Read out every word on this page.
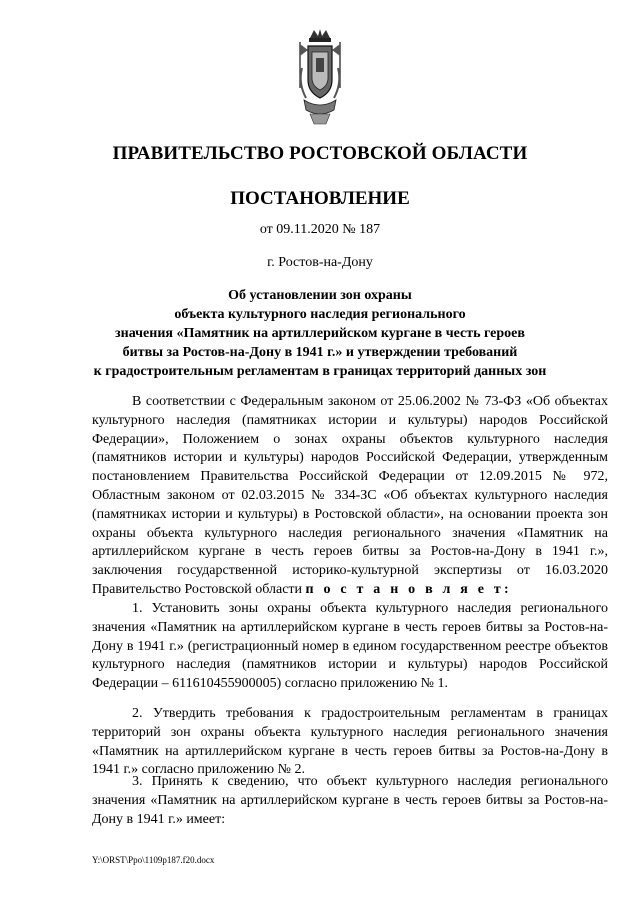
ПРАВИТЕЛЬСТВО РОСТОВСКОЙ ОБЛАСТИ
ПОСТАНОВЛЕНИЕ
от 09.11.2020 № 187
г. Ростов-на-Дону
Об установлении зон охраны
объекта культурного наследия регионального
значения «Памятник на артиллерийском кургане в честь героев
битвы за Ростов-на-Дону в 1941 г.» и утверждении требований
к градостроительным регламентам в границах территорий данных зон
В соответствии с Федеральным законом от 25.06.2002 № 73-ФЗ «Об объектах культурного наследия (памятниках истории и культуры) народов Российской Федерации», Положением о зонах охраны объектов культурного наследия (памятников истории и культуры) народов Российской Федерации, утвержденным постановлением Правительства Российской Федерации от 12.09.2015 № 972, Областным законом от 02.03.2015 № 334-ЗС «Об объектах культурного наследия (памятниках истории и культуры) в Ростовской области», на основании проекта зон охраны объекта культурного наследия регионального значения «Памятник на артиллерийском кургане в честь героев битвы за Ростов-на-Дону в 1941 г.», заключения государственной историко-культурной экспертизы от 16.03.2020 Правительство Ростовской области п о с т а н о в л я е т:
1. Установить зоны охраны объекта культурного наследия регионального значения «Памятник на артиллерийском кургане в честь героев битвы за Ростов-на-Дону в 1941 г.» (регистрационный номер в едином государственном реестре объектов культурного наследия (памятников истории и культуры) народов Российской Федерации – 611610455900005) согласно приложению № 1.
2. Утвердить требования к градостроительным регламентам в границах территорий зон охраны объекта культурного наследия регионального значения «Памятник на артиллерийском кургане в честь героев битвы за Ростов-на-Дону в 1941 г.» согласно приложению № 2.
3. Принять к сведению, что объект культурного наследия регионального значения «Памятник на артиллерийском кургане в честь героев битвы за Ростов-на-Дону в 1941 г.» имеет:
Y:\ORST\Ppo\1109p187.f20.docx
